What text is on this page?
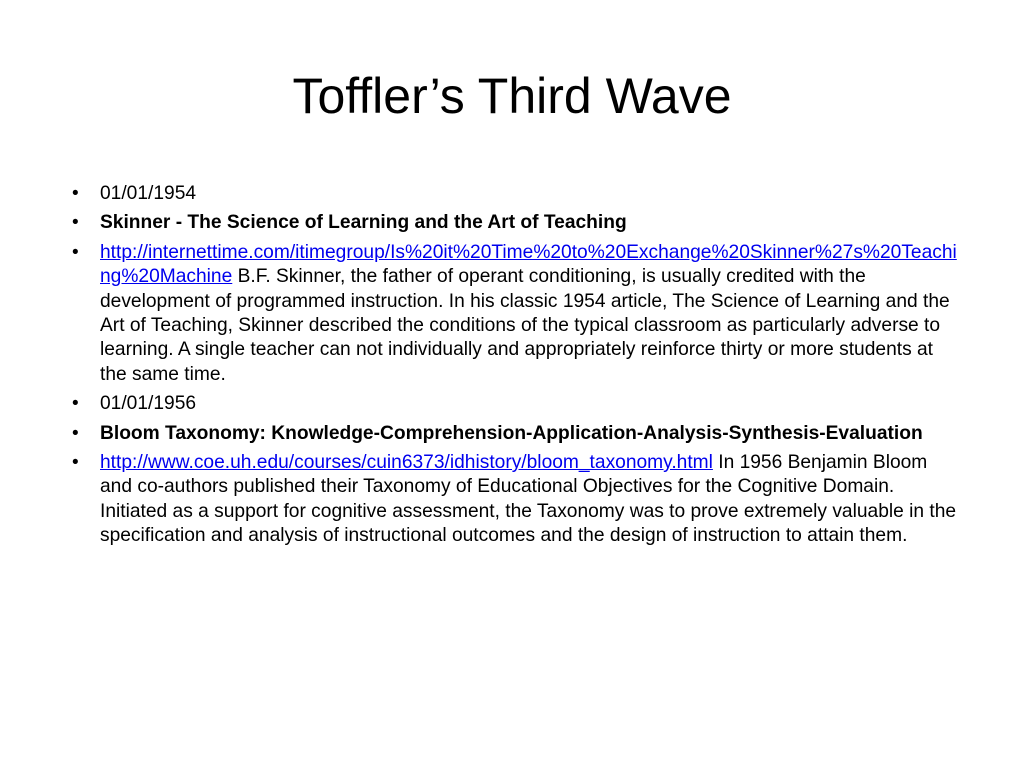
Toffler’s Third Wave
•	01/01/1954
•	Skinner - The Science of Learning and the Art of Teaching
•	http://internettime.com/itimegroup/Is%20it%20Time%20to%20Exchange%20Skinner%27s%20Teaching%20Machine B.F. Skinner, the father of operant conditioning, is usually credited with the development of programmed instruction. In his classic 1954 article, The Science of Learning and the Art of Teaching, Skinner described the conditions of the typical classroom as particularly adverse to learning. A single teacher can not individually and appropriately reinforce thirty or more students at the same time.
•	01/01/1956
•	Bloom Taxonomy: Knowledge-Comprehension-Application-Analysis-Synthesis-Evaluation
•	http://www.coe.uh.edu/courses/cuin6373/idhistory/bloom_taxonomy.html In 1956 Benjamin Bloom and co-authors published their Taxonomy of Educational Objectives for the Cognitive Domain. Initiated as a support for cognitive assessment, the Taxonomy was to prove extremely valuable in the specification and analysis of instructional outcomes and the design of instruction to attain them.
